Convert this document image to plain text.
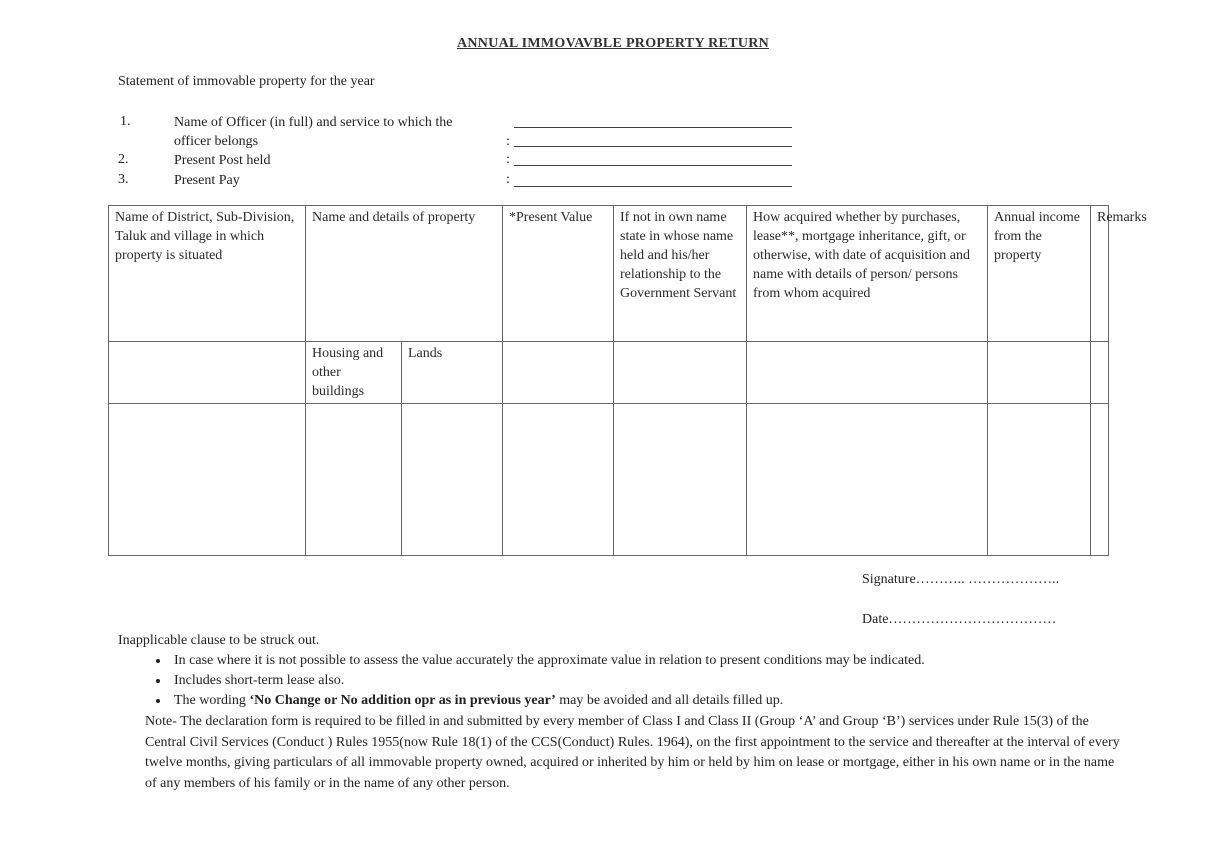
ANNUAL IMMOVAVBLE PROPERTY RETURN
Statement of immovable property for the year
1.	Name of Officer (in full) and service to which the officer belongs
2.	Present Post held
3.	Present Pay
:
:
:
Name of District, Sub-Division, Taluk and village in which property is situated	Name and details of property		*Present Value	If not in own name state in whose name held and his/her relationship to the Government Servant	How acquired whether by purchases, lease**, mortgage inheritance, gift, or otherwise, with date of acquisition and name with details of person/ persons from whom acquired	Annual income from the property	Remarks
	Housing and other buildings	Lands					

Signature……….. ………………..
Date………………………………
Inapplicable clause to be struck out.
• In case where it is not possible to assess the value accurately the approximate value in relation to present conditions may be indicated.
• Includes short-term lease also.
• The wording ‘No Change or No addition opr as in previous year’ may be avoided and all details filled up.
Note- The declaration form is required to be filled in and submitted by every member of Class I and Class II (Group ‘A’ and Group ‘B’) services under Rule 15(3) of the Central Civil Services (Conduct ) Rules 1955(now Rule 18(1) of the CCS(Conduct) Rules. 1964), on the first appointment to the service and thereafter at the interval of every twelve months, giving particulars of all immovable property owned, acquired or inherited by him or held by him on lease or mortgage, either in his own name or in the name of any members of his family or in the name of any other person.
